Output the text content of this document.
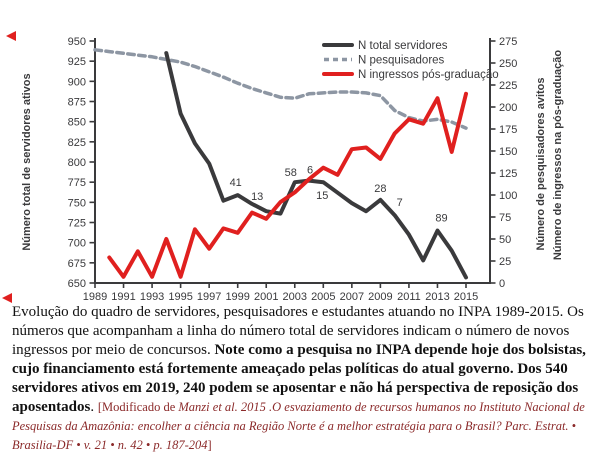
650
675
700
725
750
775
800
825
850
875
900
925
950
0
25
50
75
100
125
150
175
200
225
250
275
1989 1991 1993 1995 1997 1999 2001 2003 2005 2007 2009 2011 2013 2015
Número total de servidores ativos	Número de pesquisadores avitos Número de ingressos na pós-graduação
41
13
58 6
15
28
7
89
N total servidores
N pesquisadores
N ingressos pós-graduação
Evolução do quadro de servidores, pesquisadores e estudantes atuando no INPA 1989-2015. Os números que acompanham a linha do número total de servidores indicam o número de novos ingressos por meio de concursos. Note como a pesquisa no INPA depende hoje dos bolsistas, cujo financiamento está fortemente ameaçado pelas políticas do atual governo. Dos 540 servidores ativos em 2019, 240 podem se aposentar e não há perspectiva de reposição dos aposentados. [Modificado de Manzi et al. 2015 .O esvaziamento de recursos humanos no Instituto Nacional de Pesquisas da Amazônia: encolher a ciência na Região Norte é a melhor estratégia para o Brasil? Parc. Estrat. • Brasilia-DF • v. 21 • n. 42 • p. 187-204]
